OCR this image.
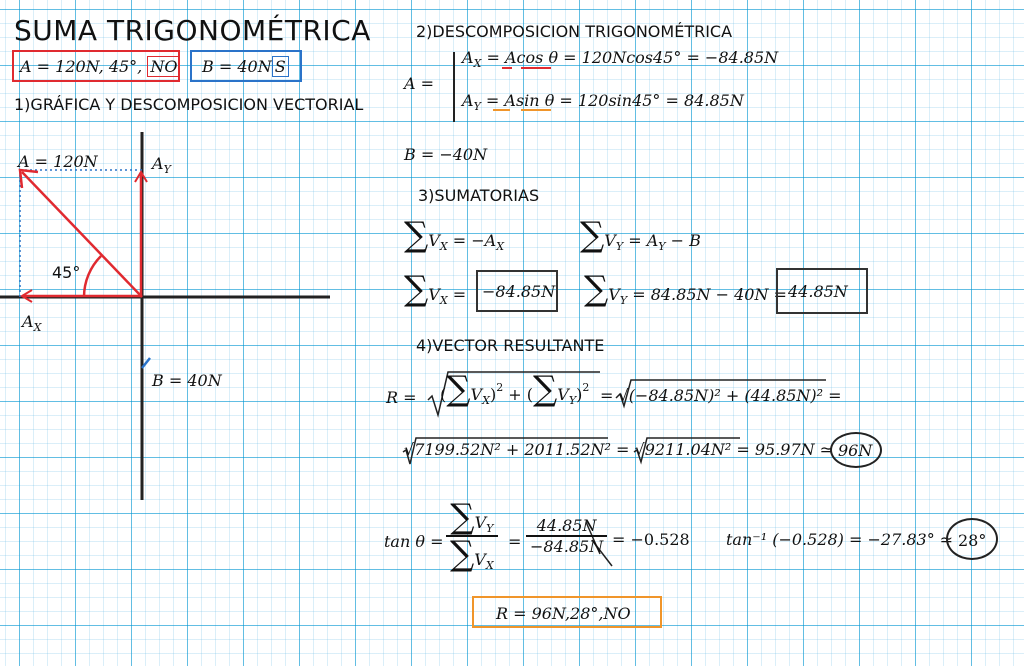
SUMA TRIGONOMÉTRICA
A = 120N, 45°, NO	B = 40N S
1)GRÁFICA Y DESCOMPOSICION VECTORIAL
A = 120N	$A_Y$
45°
$A_X$
B = 40N
2)DESCOMPOSICION TRIGONOMÉTRICA
A =
$A_X = Acos$ θ = 120Ncos45° = −84.85N
$A_Y = Asin$ θ = 120sin45° = 84.85N
B = −40N
3)SUMATORIAS
$\sum V_X = -A_X$ $\sum V_Y = A_Y - B$
$\sum V_X = -84.85N$ $\sum V_Y = 84.85N - 40N = 44.85N$
4)VECTOR RESULTANTE
$R = (\sum V_X)^2 + (\sum V_Y)^2 = √(-84.85N)^2 + (44.85N)^2$ =
√7199.52N² + 2011.52N² = √9211.04N² = 95.97N ≃ 96N
$\tan \theta = \frac{\sum V_Y}{\sum V_X} = \frac{44.85N}{-84.85N} = -0.528$ tan⁻¹ (−0.528) = −27.83° ≃ 28°
R = 96N,28°,NO
